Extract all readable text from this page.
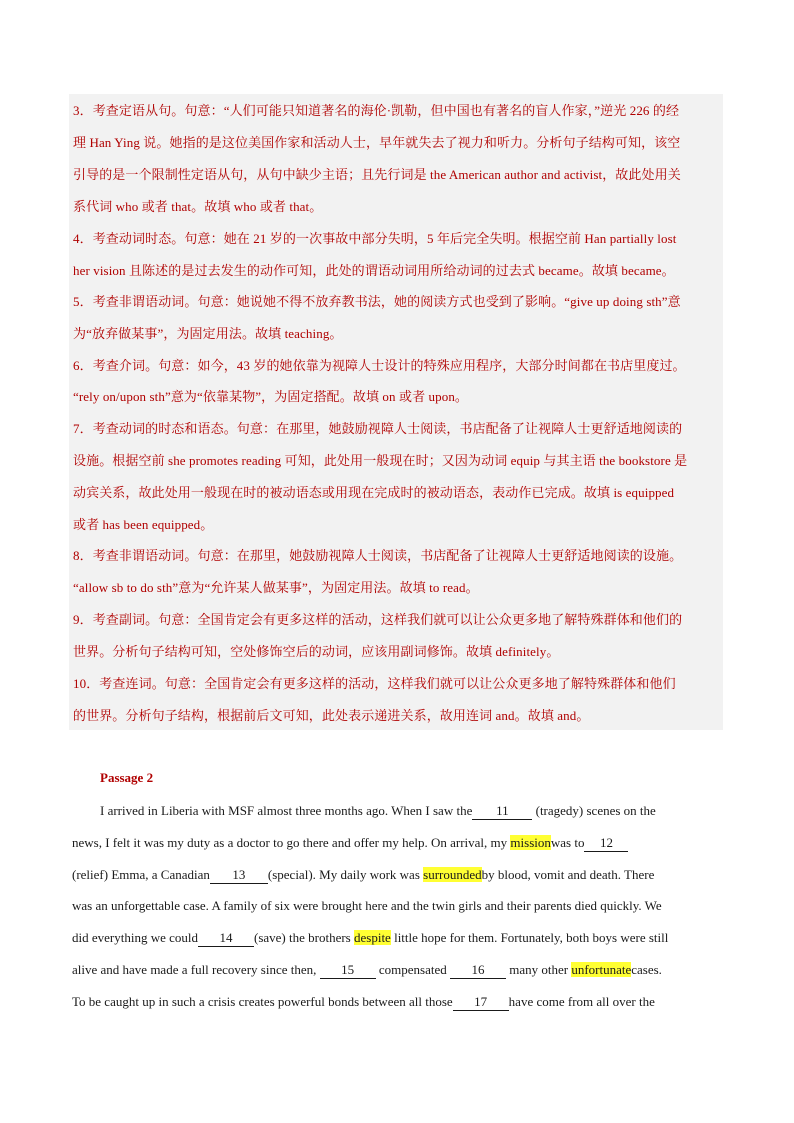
3．考查定语从句。句意：“人们可能只知道著名的海伦·凯勒，但中国也有著名的盲人作家，”逆光 226 的经
理 Han Ying 说。她指的是这位美国作家和活动人士，早年就失去了视力和听力。分析句子结构可知，该空
引导的是一个限制性定语从句，从句中缺少主语；且先行词是 the American author and activist，故此处用关
系代词 who 或者 that。故填 who 或者 that。
4．考查动词时态。句意：她在 21 岁的一次事故中部分失明，5 年后完全失明。根据空前 Han partially lost
her vision 且陈述的是过去发生的动作可知，此处的谓语动词用所给动词的过去式 became。故填 became。
5．考查非谓语动词。句意：她说她不得不放弃教书法，她的阅读方式也受到了影响。“give up doing sth”意
为“放弃做某事”，为固定用法。故填 teaching。
6．考查介词。句意：如今，43 岁的她依靠为视障人士设计的特殊应用程序，大部分时间都在书店里度过。
“rely on/upon sth”意为“依靠某物”，为固定搭配。故填 on 或者 upon。
7．考查动词的时态和语态。句意：在那里，她鼓励视障人士阅读，书店配备了让视障人士更舒适地阅读的
设施。根据空前 she promotes reading 可知，此处用一般现在时；又因为动词 equip 与其主语 the bookstore 是
动宾关系，故此处用一般现在时的被动语态或用现在完成时的被动语态，表动作已完成。故填 is equipped
或者 has been equipped。
8．考查非谓语动词。句意：在那里，她鼓励视障人士阅读，书店配备了让视障人士更舒适地阅读的设施。
“allow sb to do sth”意为“允许某人做某事”，为固定用法。故填 to read。
9．考查副词。句意：全国肯定会有更多这样的活动，这样我们就可以让公众更多地了解特殊群体和他们的
世界。分析句子结构可知，空处修饰空后的动词，应该用副词修饰。故填 definitely。
10．考查连词。句意：全国肯定会有更多这样的活动，这样我们就可以让公众更多地了解特殊群体和他们
的世界。分析句子结构，根据前后文可知，此处表示递进关系，故用连词 and。故填 and。
Passage 2
I arrived in Liberia with MSF almost three months ago. When I saw the 11 (tragedy) scenes on the
news, I felt it was my duty as a doctor to go there and offer my help. On arrival, my missionwas to 12
(relief) Emma, a Canadian 13 (special). My daily work was surroundedby blood, vomit and death. There
was an unforgettable case. A family of six were brought here and the twin girls and their parents died quickly. We
did everything we could 14 (save) the brothers despite little hope for them. Fortunately, both boys were still
alive and have made a full recovery since then, 15 compensated 16 many other unfortunatecases.
To be caught up in such a crisis creates powerful bonds between all those 17 have come from all over the
